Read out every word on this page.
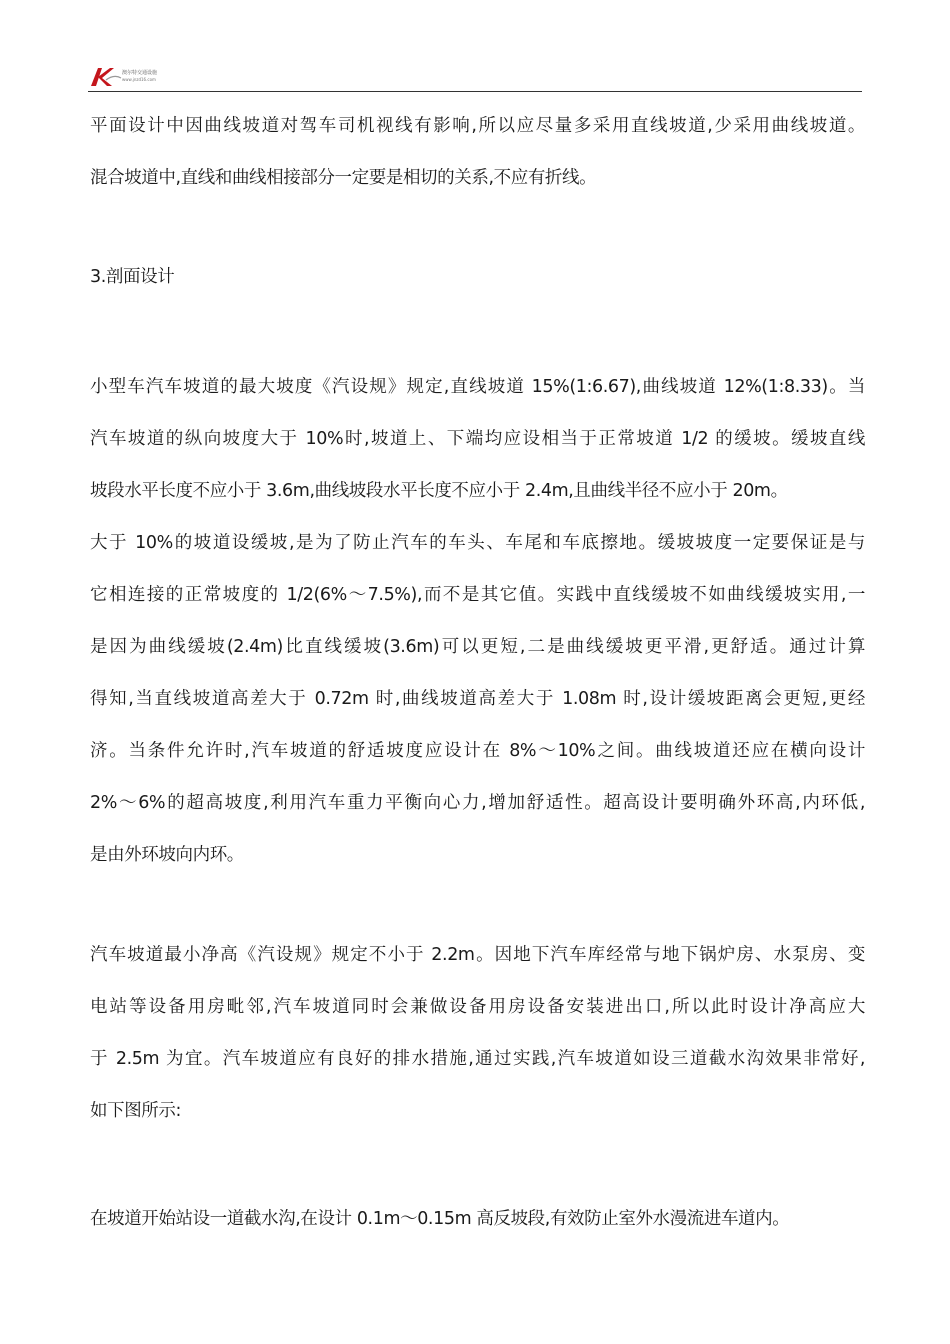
澳尔特交通设施
www.jnzd16.com
平面设计中因曲线坡道对驾车司机视线有影响,所以应尽量多采用直线坡道,少采用曲线坡道。
混合坡道中,直线和曲线相接部分一定要是相切的关系,不应有折线。
3.剖面设计
小型车汽车坡道的最大坡度《汽设规》规定,直线坡道 15%(1:6.67),曲线坡道 12%(1:8.33)。当
汽车坡道的纵向坡度大于 10%时,坡道上、下端均应设相当于正常坡道 1/2 的缓坡。缓坡直线
坡段水平长度不应小于 3.6m,曲线坡段水平长度不应小于 2.4m,且曲线半径不应小于 20m。
大于 10%的坡道设缓坡,是为了防止汽车的车头、车尾和车底擦地。缓坡坡度一定要保证是与
它相连接的正常坡度的 1/2(6%～7.5%),而不是其它值。实践中直线缓坡不如曲线缓坡实用,一
是因为曲线缓坡(2.4m)比直线缓坡(3.6m)可以更短,二是曲线缓坡更平滑,更舒适。通过计算
得知,当直线坡道高差大于 0.72m 时,曲线坡道高差大于 1.08m 时,设计缓坡距离会更短,更经
济。当条件允许时,汽车坡道的舒适坡度应设计在 8%～10%之间。曲线坡道还应在横向设计
2%～6%的超高坡度,利用汽车重力平衡向心力,增加舒适性。超高设计要明确外环高,内环低,
是由外环坡向内环。
汽车坡道最小净高《汽设规》规定不小于 2.2m。因地下汽车库经常与地下锅炉房、水泵房、变
电站等设备用房毗邻,汽车坡道同时会兼做设备用房设备安装进出口,所以此时设计净高应大
于 2.5m 为宜。汽车坡道应有良好的排水措施,通过实践,汽车坡道如设三道截水沟效果非常好,
如下图所示:
在坡道开始站设一道截水沟,在设计 0.1m～0.15m 高反坡段,有效防止室外水漫流进车道内。
